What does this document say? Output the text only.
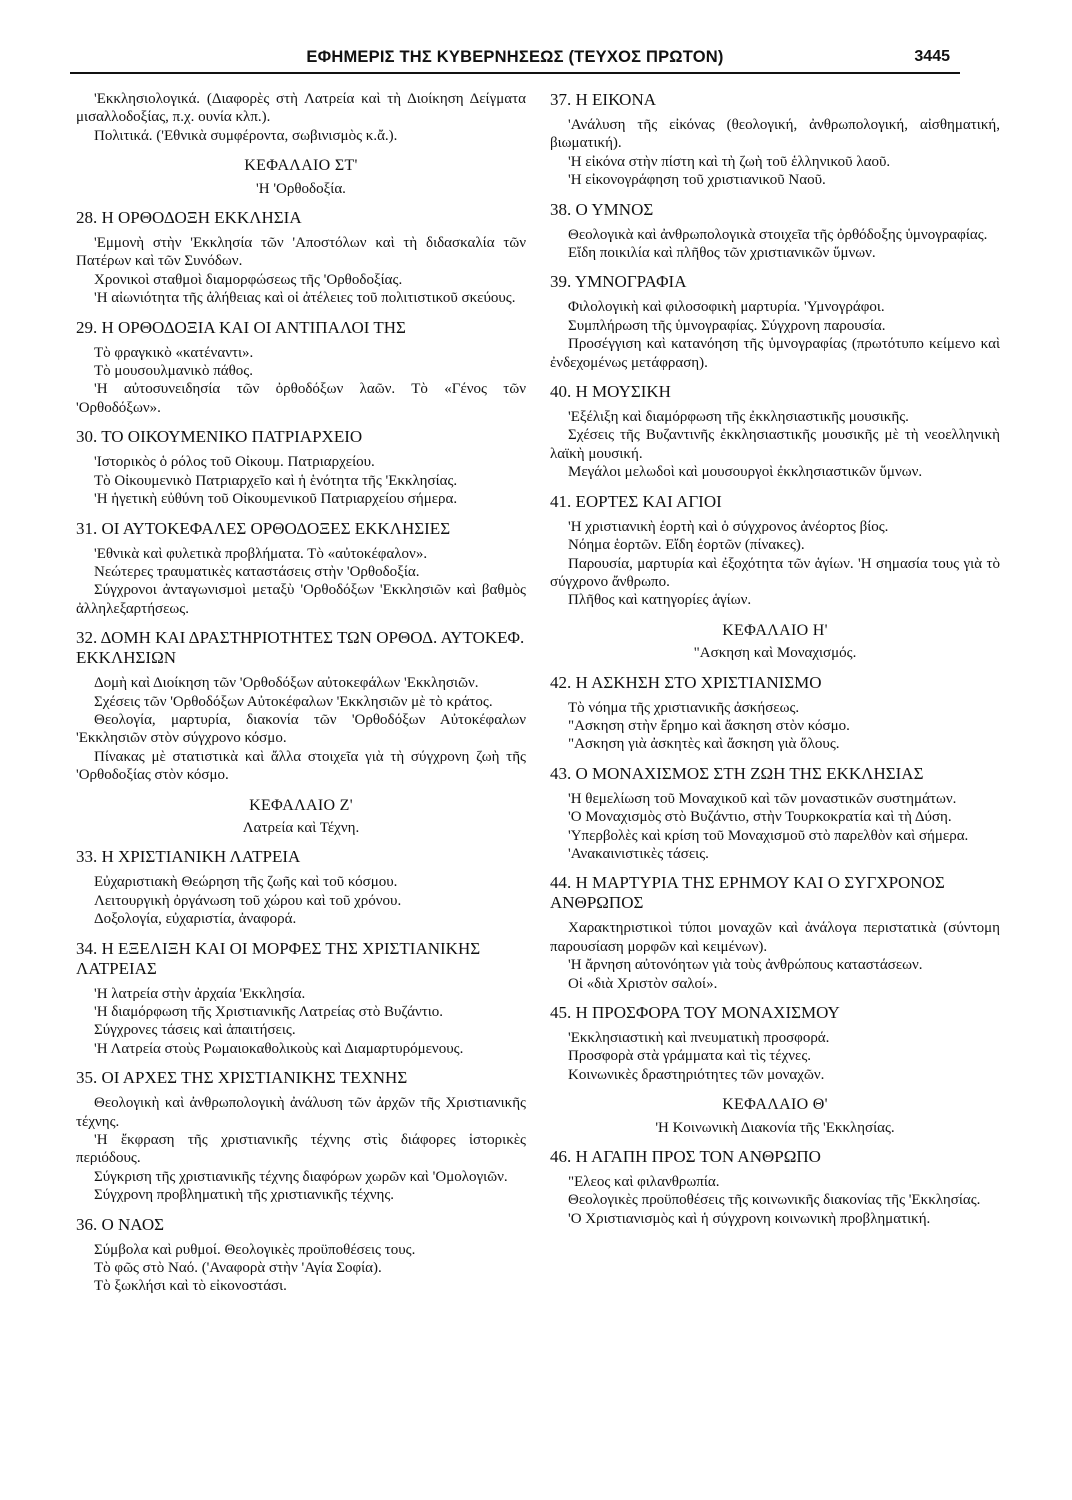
ΕΦΗΜΕΡΙΣ ΤΗΣ ΚΥΒΕΡΝΗΣΕΩΣ (ΤΕΥΧΟΣ ΠΡΩΤΟΝ)	3445
'Εκκλησιολογικά. (Διαφορὲς στὴ Λατρεία καὶ τὴ Διοίκηση Δείγματα μισαλλοδοξίας, π.χ. ουνία κλπ.).
Πολιτικά. ('Εθνικὰ συμφέροντα, σωβινισμὸς κ.ἄ.).
ΚΕΦΑΛΑΙΟ ΣΤ'
'Η 'Ορθοδοξία.
28. Η ΟΡΘΟΔΟΞΗ ΕΚΚΛΗΣΙΑ
'Εμμονὴ στὴν 'Εκκλησία τῶν 'Αποστόλων καὶ τὴ διδασκαλία τῶν Πατέρων καὶ τῶν Συνόδων.
Χρονικοὶ σταθμοὶ διαμορφώσεως τῆς 'Ορθοδοξίας.
'Η αἰωνιότητα τῆς ἀλήθειας καὶ οἱ ἀτέλειες τοῦ πολιτιστικοῦ σκεύους.
29. Η ΟΡΘΟΔΟΞΙΑ ΚΑΙ ΟΙ ΑΝΤΙΠΑΛΟΙ ΤΗΣ
Τὸ φραγκικὸ «κατέναντι».
Τὸ μουσουλμανικὸ πάθος.
'Η αὐτοσυνειδησία τῶν ὀρθοδόξων λαῶν. Τὸ «Γένος τῶν 'Ορθοδόξων».
30. ΤΟ ΟΙΚΟΥΜΕΝΙΚΟ ΠΑΤΡΙΑΡΧΕΙΟ
'Ιστορικὸς ὁ ρόλος τοῦ Οἰκουμ. Πατριαρχείου.
Τὸ Οἰκουμενικὸ Πατριαρχεῖο καὶ ἡ ἑνότητα τῆς 'Εκκλησίας.
'Η ἡγετικὴ εὐθύνη τοῦ Οἰκουμενικοῦ Πατριαρχείου σήμερα.
31. ΟΙ ΑΥΤΟΚΕΦΑΛΕΣ ΟΡΘΟΔΟΞΕΣ ΕΚΚΛΗΣΙΕΣ
'Εθνικὰ καὶ φυλετικὰ προβλήματα. Τὸ «αὐτοκέφαλον».
Νεώτερες τραυματικὲς καταστάσεις στὴν 'Ορθοδοξία.
Σύγχρονοι ἀνταγωνισμοὶ μεταξὺ 'Ορθοδόξων 'Εκκλησιῶν καὶ βαθμὸς ἀλληλεξαρτήσεως.
32. ΔΟΜΗ ΚΑΙ ΔΡΑΣΤΗΡΙΟΤΗΤΕΣ ΤΩΝ ΟΡΘΟΔ. ΑΥΤΟΚΕΦ. ΕΚΚΛΗΣΙΩΝ
Δομὴ καὶ Διοίκηση τῶν 'Ορθοδόξων αὐτοκεφάλων 'Εκκλησιῶν.
Σχέσεις τῶν 'Ορθοδόξων Αὐτοκέφαλων 'Εκκλησιῶν μὲ τὸ κράτος.
Θεολογία, μαρτυρία, διακονία τῶν 'Ορθοδόξων Αὐτοκέφαλων 'Εκκλησιῶν στὸν σύγχρονο κόσμο.
Πίνακας μὲ στατιστικὰ καὶ ἄλλα στοιχεῖα γιὰ τὴ σύγχρονη ζωὴ τῆς 'Ορθοδοξίας στὸν κόσμο.
ΚΕΦΑΛΑΙΟ Ζ'
Λατρεία καὶ Τέχνη.
33. Η ΧΡΙΣΤΙΑΝΙΚΗ ΛΑΤΡΕΙΑ
Εὐχαριστιακὴ Θεώρηση τῆς ζωῆς καὶ τοῦ κόσμου.
Λειτουργικὴ ὀργάνωση τοῦ χώρου καὶ τοῦ χρόνου.
Δοξολογία, εὐχαριστία, ἀναφορά.
34. Η ΕΞΕΛΙΞΗ ΚΑΙ ΟΙ ΜΟΡΦΕΣ ΤΗΣ ΧΡΙΣΤΙΑΝΙΚΗΣ ΛΑΤΡΕΙΑΣ
'Η λατρεία στὴν ἀρχαία 'Εκκλησία.
'Η διαμόρφωση τῆς Χριστιανικῆς Λατρείας στὸ Βυζάντιο.
Σύγχρονες τάσεις καὶ ἀπαιτήσεις.
'Η Λατρεία στοὺς Ρωμαιοκαθολικοὺς καὶ Διαμαρτυρόμενους.
35. ΟΙ ΑΡΧΕΣ ΤΗΣ ΧΡΙΣΤΙΑΝΙΚΗΣ ΤΕΧΝΗΣ
Θεολογικὴ καὶ ἀνθρωπολογικὴ ἀνάλυση τῶν ἀρχῶν τῆς Χριστιανικῆς τέχνης.
'Η ἔκφραση τῆς χριστιανικῆς τέχνης στὶς διάφορες ἱστορικὲς περιόδους.
Σύγκριση τῆς χριστιανικῆς τέχνης διαφόρων χωρῶν καὶ 'Ομολογιῶν.
Σύγχρονη προβληματικὴ τῆς χριστιανικῆς τέχνης.
36. Ο ΝΑΟΣ
Σύμβολα καὶ ρυθμοί. Θεολογικὲς προϋποθέσεις τους.
Τὸ φῶς στὸ Ναό. ('Αναφορὰ στὴν 'Αγία Σοφία).
Τὸ ξωκλήσι καὶ τὸ εἰκονοστάσι.
37. Η ΕΙΚΟΝΑ
'Ανάλυση τῆς εἰκόνας (θεολογική, ἀνθρωπολογική, αἰσθηματική, βιωματική).
'Η εἰκόνα στὴν πίστη καὶ τὴ ζωὴ τοῦ ἑλληνικοῦ λαοῦ.
'Η εἰκονογράφηση τοῦ χριστιανικοῦ Ναοῦ.
38. Ο ΥΜΝΟΣ
Θεολογικὰ καὶ ἀνθρωπολογικὰ στοιχεῖα τῆς ὀρθόδοξης ὑμνογραφίας.
Εἴδη ποικιλία καὶ πλῆθος τῶν χριστιανικῶν ὕμνων.
39. ΥΜΝΟΓΡΑΦΙΑ
Φιλολογικὴ καὶ φιλοσοφικὴ μαρτυρία. 'Υμνογράφοι.
Συμπλήρωση τῆς ὑμνογραφίας. Σύγχρονη παρουσία.
Προσέγγιση καὶ κατανόηση τῆς ὑμνογραφίας (πρωτότυπο κείμενο καὶ ἐνδεχομένως μετάφραση).
40. Η ΜΟΥΣΙΚΗ
'Εξέλιξη καὶ διαμόρφωση τῆς ἐκκλησιαστικῆς μουσικῆς.
Σχέσεις τῆς Βυζαντινῆς ἐκκλησιαστικῆς μουσικῆς μὲ τὴ νεοελληνικὴ λαϊκὴ μουσική.
Μεγάλοι μελωδοὶ καὶ μουσουργοὶ ἐκκλησιαστικῶν ὕμνων.
41. ΕΟΡΤΕΣ ΚΑΙ ΑΓΙΟΙ
'Η χριστιανικὴ ἑορτὴ καὶ ὁ σύγχρονος ἀνέορτος βίος.
Νόημα ἑορτῶν. Εἴδη ἑορτῶν (πίνακες).
Παρουσία, μαρτυρία καὶ ἐξοχότητα τῶν ἁγίων. 'Η σημασία τους γιὰ τὸ σύγχρονο ἄνθρωπο.
Πλῆθος καὶ κατηγορίες ἁγίων.
ΚΕΦΑΛΑΙΟ Η'
"Ασκηση καὶ Μοναχισμός.
42. Η ΑΣΚΗΣΗ ΣΤΟ ΧΡΙΣΤΙΑΝΙΣΜΟ
Τὸ νόημα τῆς χριστιανικῆς ἀσκήσεως.
"Ασκηση στὴν ἔρημο καὶ ἄσκηση στὸν κόσμο.
"Ασκηση γιὰ ἀσκητὲς καὶ ἄσκηση γιὰ ὅλους.
43. Ο ΜΟΝΑΧΙΣΜΟΣ ΣΤΗ ΖΩΗ ΤΗΣ ΕΚΚΛΗΣΙΑΣ
'Η θεμελίωση τοῦ Μοναχικοῦ καὶ τῶν μοναστικῶν συστημάτων.
'Ο Μοναχισμὸς στὸ Βυζάντιο, στὴν Τουρκοκρατία καὶ τὴ Δύση.
'Υπερβολὲς καὶ κρίση τοῦ Μοναχισμοῦ στὸ παρελθὸν καὶ σήμερα.
'Ανακαινιστικὲς τάσεις.
44. Η ΜΑΡΤΥΡΙΑ ΤΗΣ ΕΡΗΜΟΥ ΚΑΙ Ο ΣΥΓΧΡΟΝΟΣ ΑΝΘΡΩΠΟΣ
Χαρακτηριστικοὶ τύποι μοναχῶν καὶ ἀνάλογα περιστατικὰ (σύντομη παρουσίαση μορφῶν καὶ κειμένων).
'Η ἄρνηση αὐτονόητων γιὰ τοὺς ἀνθρώπους καταστάσεων.
Οἱ «διὰ Χριστὸν σαλοί».
45. Η ΠΡΟΣΦΟΡΑ ΤΟΥ ΜΟΝΑΧΙΣΜΟΥ
'Εκκλησιαστικὴ καὶ πνευματικὴ προσφορά.
Προσφορὰ στὰ γράμματα καὶ τὶς τέχνες.
Κοινωνικὲς δραστηριότητες τῶν μοναχῶν.
ΚΕΦΑΛΑΙΟ Θ'
'Η Κοινωνικὴ Διακονία τῆς 'Εκκλησίας.
46. Η ΑΓΑΠΗ ΠΡΟΣ ΤΟΝ ΑΝΘΡΩΠΟ
"Ελεος καὶ φιλανθρωπία.
Θεολογικὲς προϋποθέσεις τῆς κοινωνικῆς διακονίας τῆς 'Εκκλησίας.
'Ο Χριστιανισμὸς καὶ ἡ σύγχρονη κοινωνικὴ προβληματική.
